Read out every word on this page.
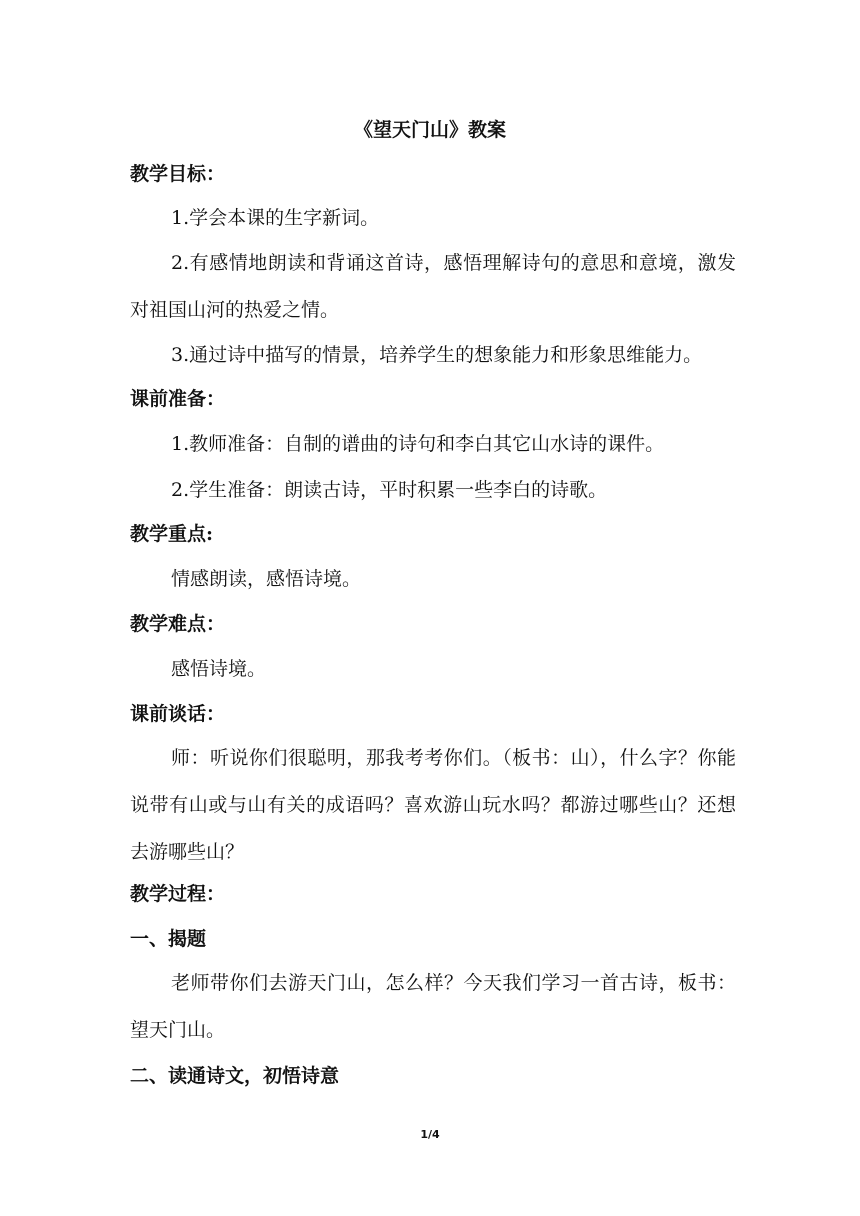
《望天门山》教案
教学目标：
1.学会本课的生字新词。
2.有感情地朗读和背诵这首诗，感悟理解诗句的意思和意境，激发对祖国山河的热爱之情。
3.通过诗中描写的情景，培养学生的想象能力和形象思维能力。
课前准备：
1.教师准备：自制的谱曲的诗句和李白其它山水诗的课件。
2.学生准备：朗读古诗，平时积累一些李白的诗歌。
教学重点:
情感朗读，感悟诗境。
教学难点：
感悟诗境。
课前谈话：
师：听说你们很聪明，那我考考你们。（板书：山），什么字？你能说带有山或与山有关的成语吗？喜欢游山玩水吗？都游过哪些山？还想去游哪些山？
教学过程：
一、揭题
老师带你们去游天门山，怎么样？今天我们学习一首古诗，板书：望天门山。
二、读通诗文，初悟诗意
1/4
